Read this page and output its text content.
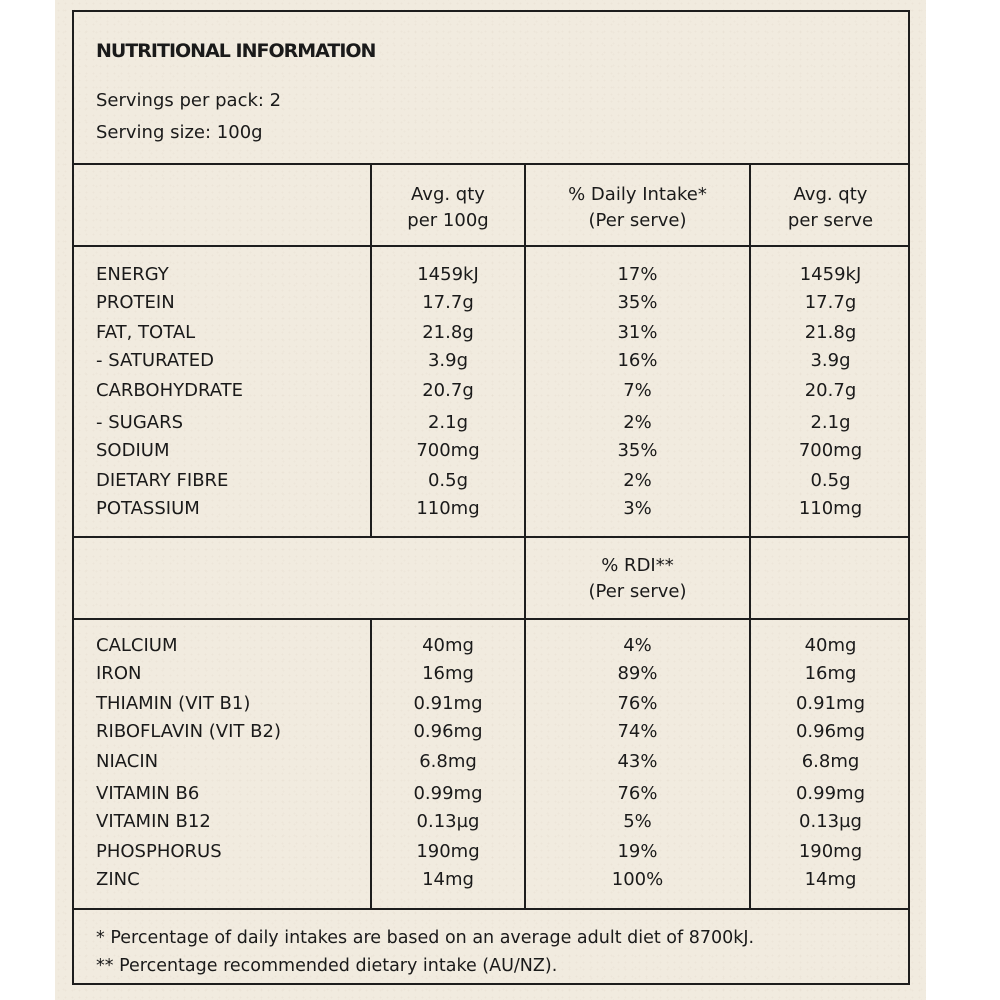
NUTRITIONAL INFORMATION
Servings per pack: 2
Serving size: 100g
Avg. qty
per 100g
% Daily Intake*
(Per serve)
Avg. qty
per serve
ENERGY	1459kJ	17%	1459kJ
PROTEIN	17.7g	35%	17.7g
FAT, TOTAL	21.8g	31%	21.8g
- SATURATED	3.9g	16%	3.9g
CARBOHYDRATE	20.7g	7%	20.7g
- SUGARS	2.1g	2%	2.1g
SODIUM	700mg	35%	700mg
DIETARY FIBRE	0.5g	2%	0.5g
POTASSIUM	110mg	3%	110mg
% RDI**
(Per serve)
CALCIUM	40mg	4%	40mg
IRON	16mg	89%	16mg
THIAMIN (VIT B1)	0.91mg	76%	0.91mg
RIBOFLAVIN (VIT B2)	0.96mg	74%	0.96mg
NIACIN	6.8mg	43%	6.8mg
VITAMIN B6	0.99mg	76%	0.99mg
VITAMIN B12	0.13µg	5%	0.13µg
PHOSPHORUS	190mg	19%	190mg
ZINC	14mg	100%	14mg
* Percentage of daily intakes are based on an average adult diet of 8700kJ.
** Percentage recommended dietary intake (AU/NZ).
